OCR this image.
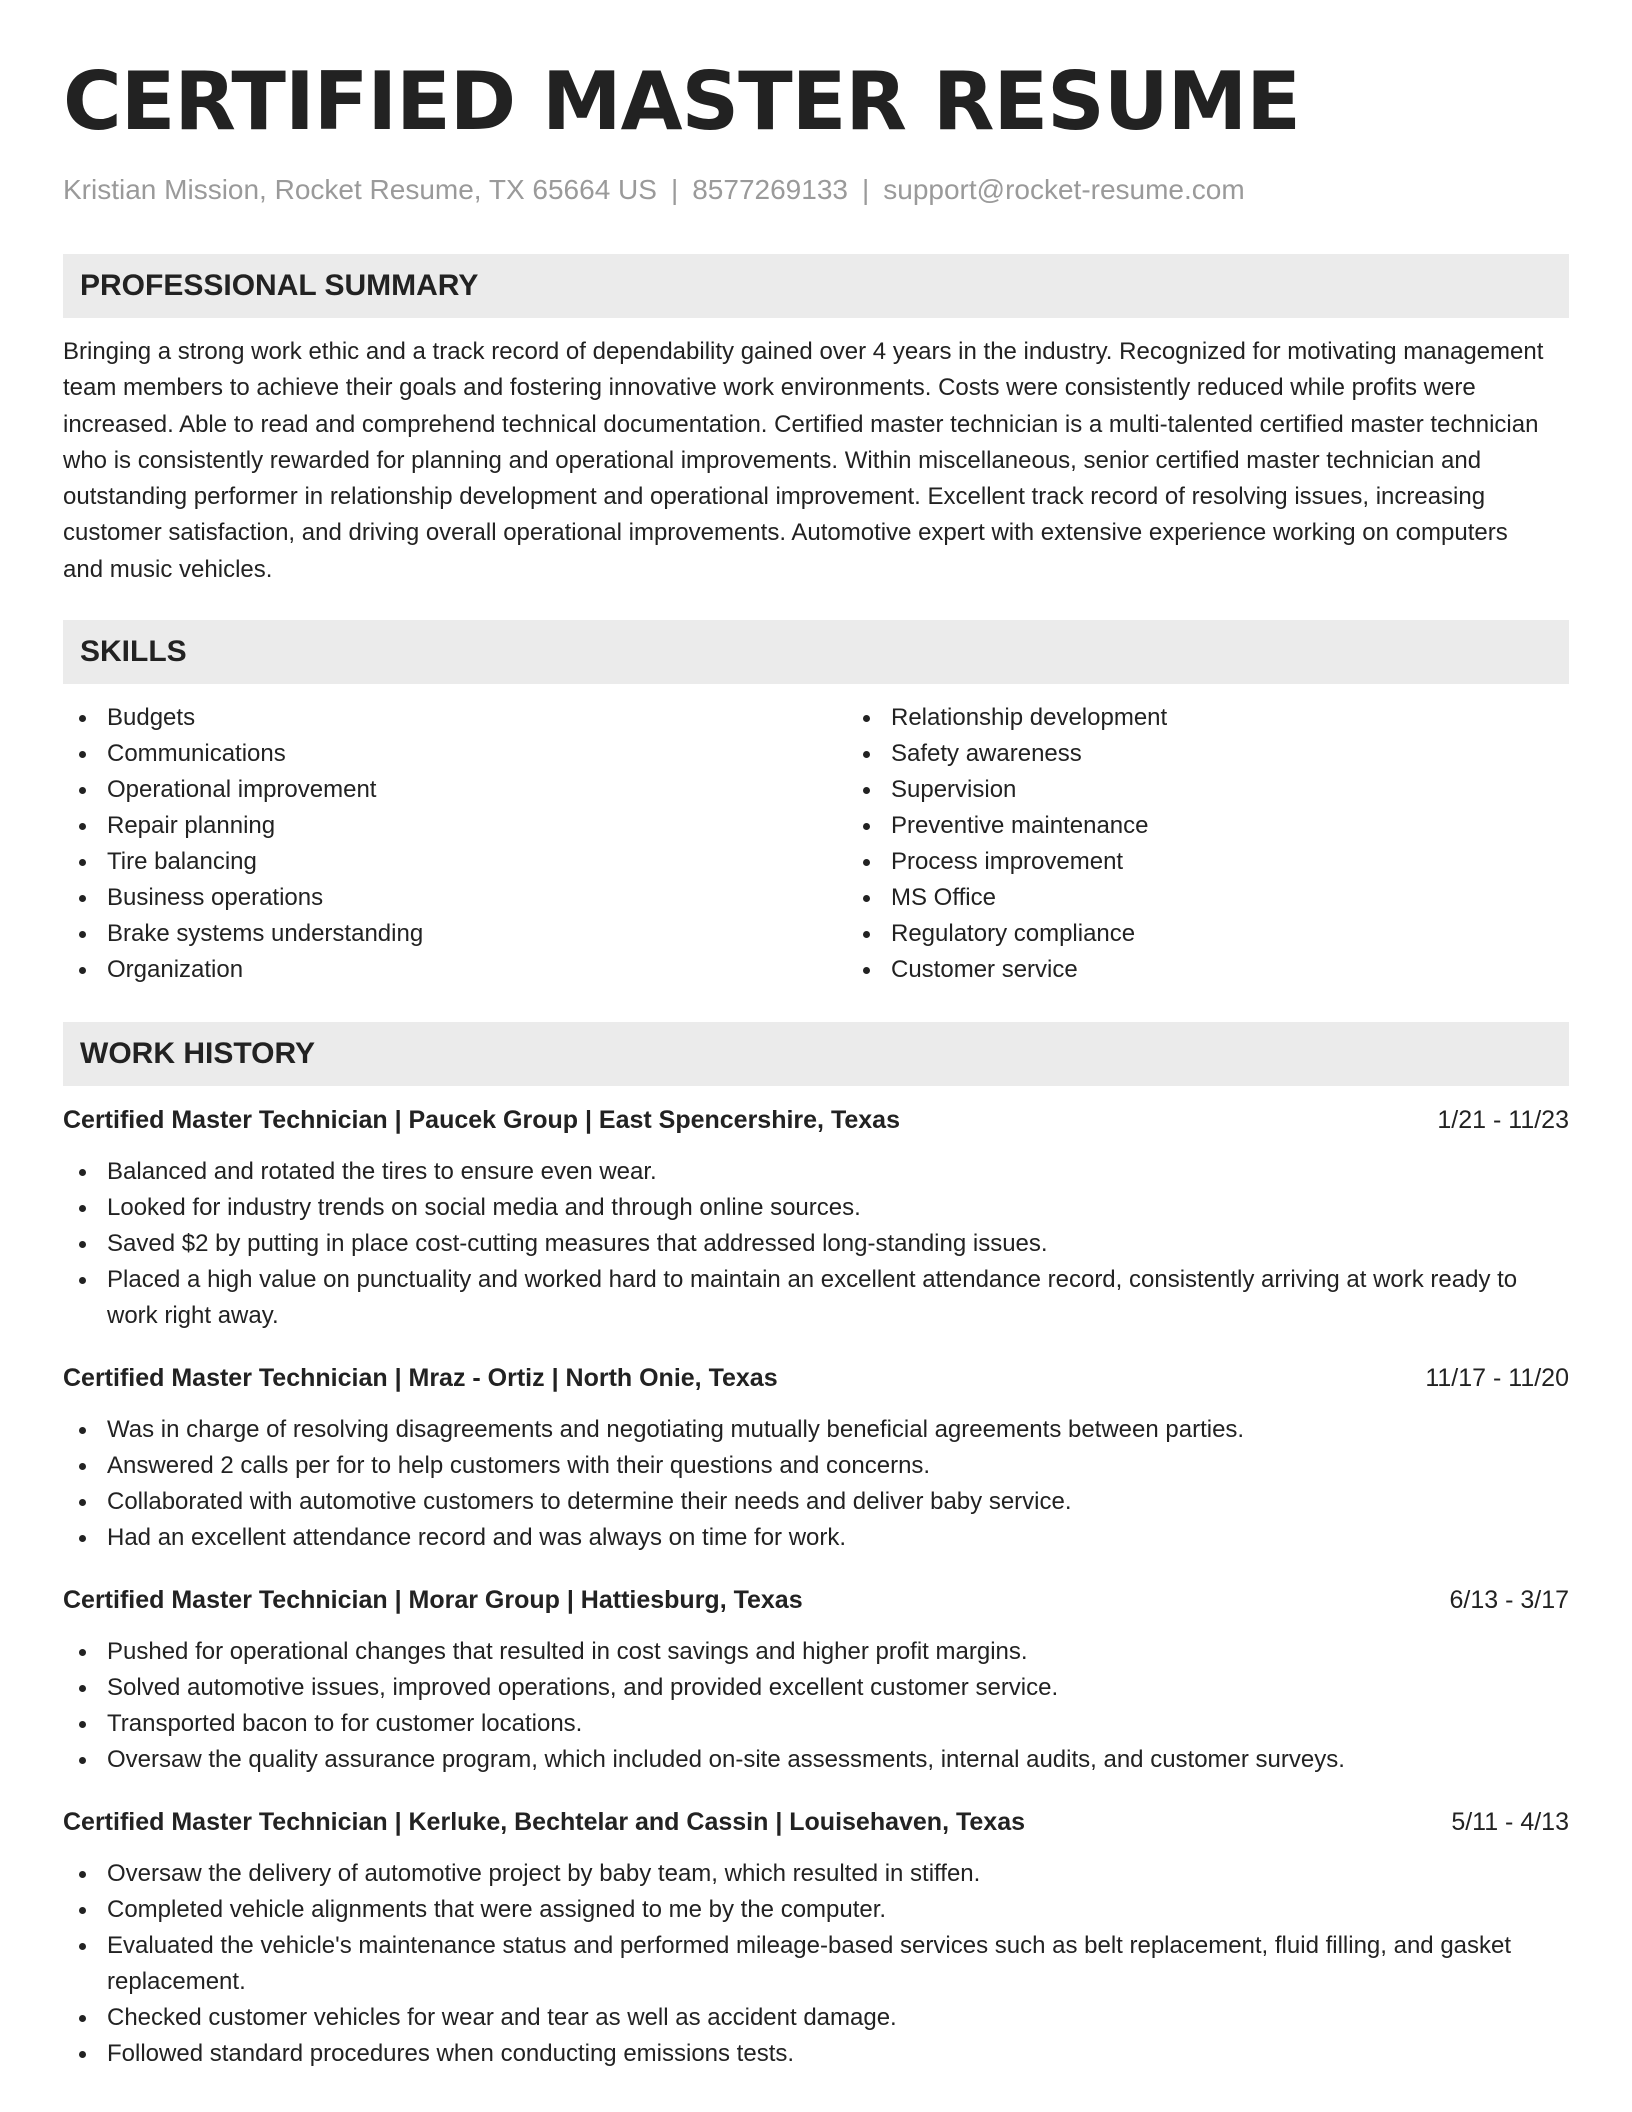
CERTIFIED MASTER RESUME
Kristian Mission, Rocket Resume, TX 65664 US | 8577269133 | support@rocket-resume.com
PROFESSIONAL SUMMARY
Bringing a strong work ethic and a track record of dependability gained over 4 years in the industry. Recognized for motivating management team members to achieve their goals and fostering innovative work environments. Costs were consistently reduced while profits were increased. Able to read and comprehend technical documentation. Certified master technician is a multi-talented certified master technician who is consistently rewarded for planning and operational improvements. Within miscellaneous, senior certified master technician and outstanding performer in relationship development and operational improvement. Excellent track record of resolving issues, increasing customer satisfaction, and driving overall operational improvements. Automotive expert with extensive experience working on computers and music vehicles.
SKILLS
Budgets
Communications
Operational improvement
Repair planning
Tire balancing
Business operations
Brake systems understanding
Organization
Relationship development
Safety awareness
Supervision
Preventive maintenance
Process improvement
MS Office
Regulatory compliance
Customer service
WORK HISTORY
Certified Master Technician | Paucek Group | East Spencershire, Texas	1/21 - 11/23
Balanced and rotated the tires to ensure even wear.
Looked for industry trends on social media and through online sources.
Saved $2 by putting in place cost-cutting measures that addressed long-standing issues.
Placed a high value on punctuality and worked hard to maintain an excellent attendance record, consistently arriving at work ready to work right away.
Certified Master Technician | Mraz - Ortiz | North Onie, Texas	11/17 - 11/20
Was in charge of resolving disagreements and negotiating mutually beneficial agreements between parties.
Answered 2 calls per for to help customers with their questions and concerns.
Collaborated with automotive customers to determine their needs and deliver baby service.
Had an excellent attendance record and was always on time for work.
Certified Master Technician | Morar Group | Hattiesburg, Texas	6/13 - 3/17
Pushed for operational changes that resulted in cost savings and higher profit margins.
Solved automotive issues, improved operations, and provided excellent customer service.
Transported bacon to for customer locations.
Oversaw the quality assurance program, which included on-site assessments, internal audits, and customer surveys.
Certified Master Technician | Kerluke, Bechtelar and Cassin | Louisehaven, Texas	5/11 - 4/13
Oversaw the delivery of automotive project by baby team, which resulted in stiffen.
Completed vehicle alignments that were assigned to me by the computer.
Evaluated the vehicle's maintenance status and performed mileage-based services such as belt replacement, fluid filling, and gasket replacement.
Checked customer vehicles for wear and tear as well as accident damage.
Followed standard procedures when conducting emissions tests.
